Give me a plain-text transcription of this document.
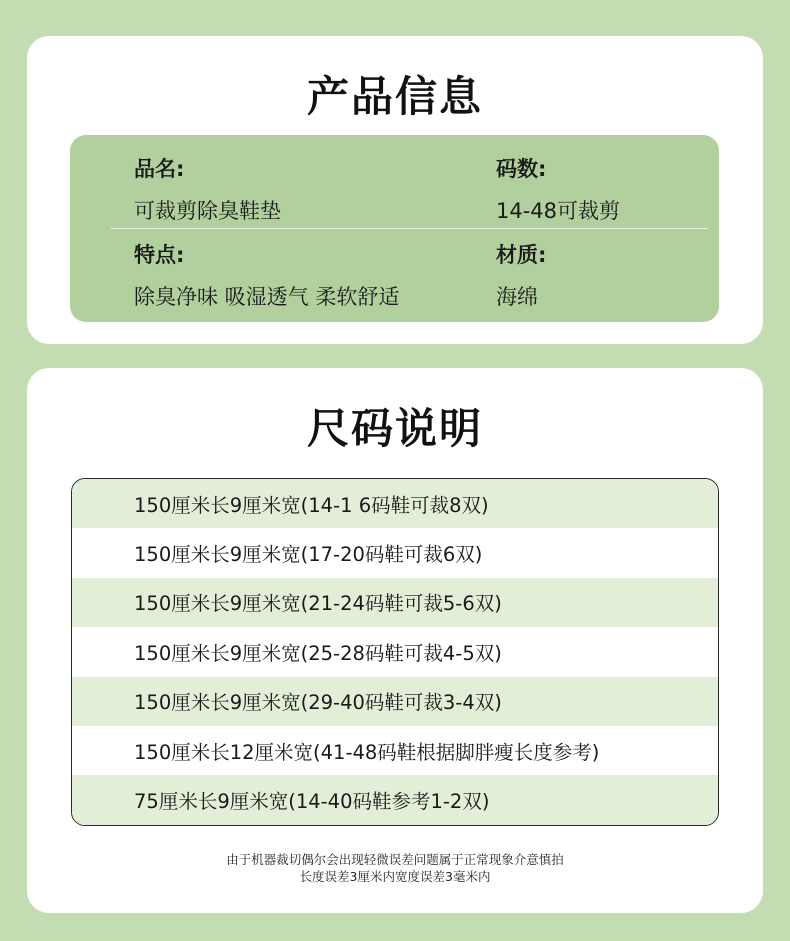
产品信息
品名:
可裁剪除臭鞋垫
码数:
14-48可裁剪
特点:
除臭净味 吸湿透气 柔软舒适
材质:
海绵
尺码说明
150厘米长9厘米宽(14-1 6码鞋可裁8双)
150厘米长9厘米宽(17-20码鞋可裁6双)
150厘米长9厘米宽(21-24码鞋可裁5-6双)
150厘米长9厘米宽(25-28码鞋可裁4-5双)
150厘米长9厘米宽(29-40码鞋可裁3-4双)
150厘米长12厘米宽(41-48码鞋根据脚胖瘦长度参考)
75厘米长9厘米宽(14-40码鞋参考1-2双)
由于机器裁切偶尔会出现轻微误差问题属于正常现象介意慎拍
长度误差3厘米内宽度误差3毫米内
